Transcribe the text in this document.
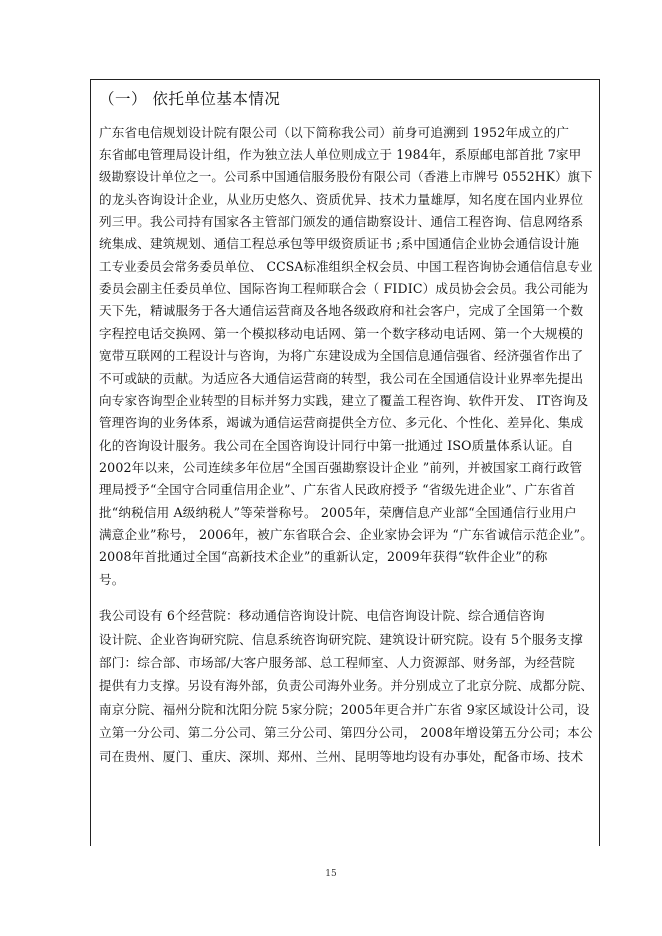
（一） 依托单位基本情况
广东省电信规划设计院有限公司（以下简称我公司）前身可追溯到 1952年成立的广
东省邮电管理局设计组，作为独立法人单位则成立于 1984年，系原邮电部首批 7家甲
级勘察设计单位之一。公司系中国通信服务股份有限公司（香港上市牌号 0552HK）旗下
的龙头咨询设计企业，从业历史悠久、资质优异、技术力量雄厚，知名度在国内业界位
列三甲。我公司持有国家各主管部门颁发的通信勘察设计、通信工程咨询、信息网络系
统集成、建筑规划、通信工程总承包等甲级资质证书 ;系中国通信企业协会通信设计施
工专业委员会常务委员单位、 CCSA标准组织全权会员、中国工程咨询协会通信信息专业
委员会副主任委员单位、国际咨询工程师联合会（ FIDIC）成员协会会员。我公司能为
天下先，精诚服务于各大通信运营商及各地各级政府和社会客户，完成了全国第一个数
字程控电话交换网、第一个模拟移动电话网、第一个数字移动电话网、第一个大规模的
宽带互联网的工程设计与咨询，为将广东建设成为全国信息通信强省、经济强省作出了
不可或缺的贡献。为适应各大通信运营商的转型，我公司在全国通信设计业界率先提出
向专家咨询型企业转型的目标并努力实践，建立了覆盖工程咨询、软件开发、 IT咨询及
管理咨询的业务体系，竭诚为通信运营商提供全方位、多元化、个性化、差异化、集成
化的咨询设计服务。我公司在全国咨询设计同行中第一批通过 ISO质量体系认证。自
2002年以来，公司连续多年位居“全国百强勘察设计企业 ”前列，并被国家工商行政管
理局授予“全国守合同重信用企业”、广东省人民政府授予 “省级先进企业”、广东省首
批“纳税信用 A级纳税人”等荣誉称号。 2005年，荣膺信息产业部“全国通信行业用户
满意企业”称号， 2006年，被广东省联合会、企业家协会评为 “广东省诚信示范企业”。
2008年首批通过全国“高新技术企业”的重新认定，2009年获得“软件企业”的称
号。
我公司设有 6个经营院：移动通信咨询设计院、电信咨询设计院、综合通信咨询
设计院、企业咨询研究院、信息系统咨询研究院、建筑设计研究院。设有 5个服务支撑
部门：综合部、市场部/大客户服务部、总工程师室、人力资源部、财务部，为经营院
提供有力支撑。另设有海外部，负责公司海外业务。并分别成立了北京分院、成都分院、
南京分院、福州分院和沈阳分院 5家分院；2005年更合并广东省 9家区域设计公司，设
立第一分公司、第二分公司、第三分公司、第四分公司， 2008年增设第五分公司；本公
司在贵州、厦门、重庆、深圳、郑州、兰州、昆明等地均设有办事处，配备市场、技术
15
